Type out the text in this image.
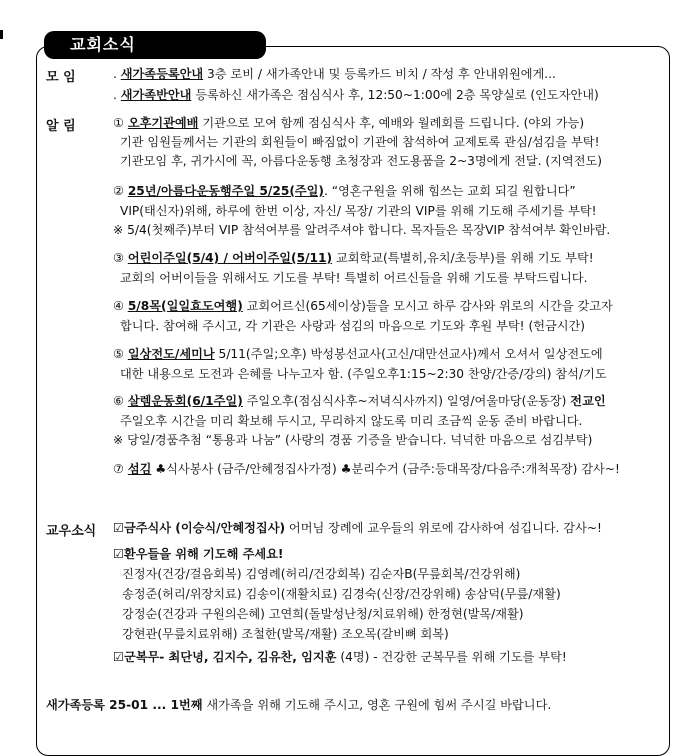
교회소식
모 임	. 새가족등록안내 3층 로비 / 새가족안내 및 등록카드 비치 / 작성 후 안내위원에게...
. 새가족반안내 등록하신 새가족은 점심식사 후, 12:50~1:00에 2층 목양실로 (인도자안내)
알 림	① 오후기관예배 기관으로 모여 함께 점심식사 후, 예배와 월례회를 드립니다. (야외 가능)
기관 임원들께서는 기관의 회원들이 빠짐없이 기관에 참석하여 교제토록 관심/섬김을 부탁!
기관모임 후, 귀가시에 꼭, 아름다운동행 초청장과 전도용품을 2~3명에게 전달. (지역전도)
② 25년/아름다운동행주일 5/25(주일). “영혼구원을 위해 힘쓰는 교회 되길 원합니다”
VIP(태신자)위해, 하루에 한번 이상, 자신/ 목장/ 기관의 VIP를 위해 기도해 주세기를 부탁!
※ 5/4(첫째주)부터 VIP 참석여부를 알려주셔야 합니다. 목자들은 목장VIP 참석여부 확인바람.
③ 어린이주일(5/4) / 어버이주일(5/11) 교회학교(특별히,유치/초등부)를 위해 기도 부탁!
교회의 어버이들을 위해서도 기도를 부탁! 특별히 어르신들을 위해 기도를 부탁드립니다.
④ 5/8목(일일효도여행) 교회어르신(65세이상)들을 모시고 하루 감사와 위로의 시간을 갖고자
합니다. 참여해 주시고, 각 기관은 사랑과 섬김의 마음으로 기도와 후원 부탁! (헌금시간)
⑤ 일상전도/세미나 5/11(주일;오후) 박성봉선교사(고신/대만선교사)께서 오셔서 일상전도에
대한 내용으로 도전과 은혜를 나누고자 함. (주일오후1:15~2:30 찬양/간증/강의) 참석/기도
⑥ 살렘운동회(6/1주일) 주일오후(점심식사후~저녁식사까지) 일영/여울마당(운동장) 전교인
주일오후 시간을 미리 확보해 두시고, 무리하지 않도록 미리 조금씩 운동 준비 바랍니다.
※ 당일/경품추첨 “통용과 나눔” (사랑의 경품 기증을 받습니다. 넉넉한 마음으로 섬김부탁)
⑦ 섬김 ♣식사봉사 (금주/안혜정집사가정) ♣분리수거 (금주:등대목장/다음주:개척목장) 감사~!
교우소식 ☑금주식사 (이승식/안혜정집사) 어머님 장례에 교우들의 위로에 감사하여 섬깁니다. 감사~!
☑환우들을 위해 기도해 주세요!
진정자(건강/걸음회복) 김영례(허리/건강회복) 김순자B(무릎회복/건강위해)
송정준(허리/위장치료) 김송이(재활치료) 김경숙(신장/건강위해) 송삼덕(무릎/재활)
강정순(건강과 구원의은혜) 고연희(돌발성난청/치료위해) 한정현(발목/재활)
강현관(무릎치료위해) 조철한(발목/재활) 조오목(갈비뼈 회복)
☑군복무- 최단녕, 김지수, 김유찬, 임지훈 (4명) - 건강한 군복무를 위해 기도를 부탁!
새가족등록 25-01 ... 1번째 새가족을 위해 기도해 주시고, 영혼 구원에 힘써 주시길 바랍니다.
